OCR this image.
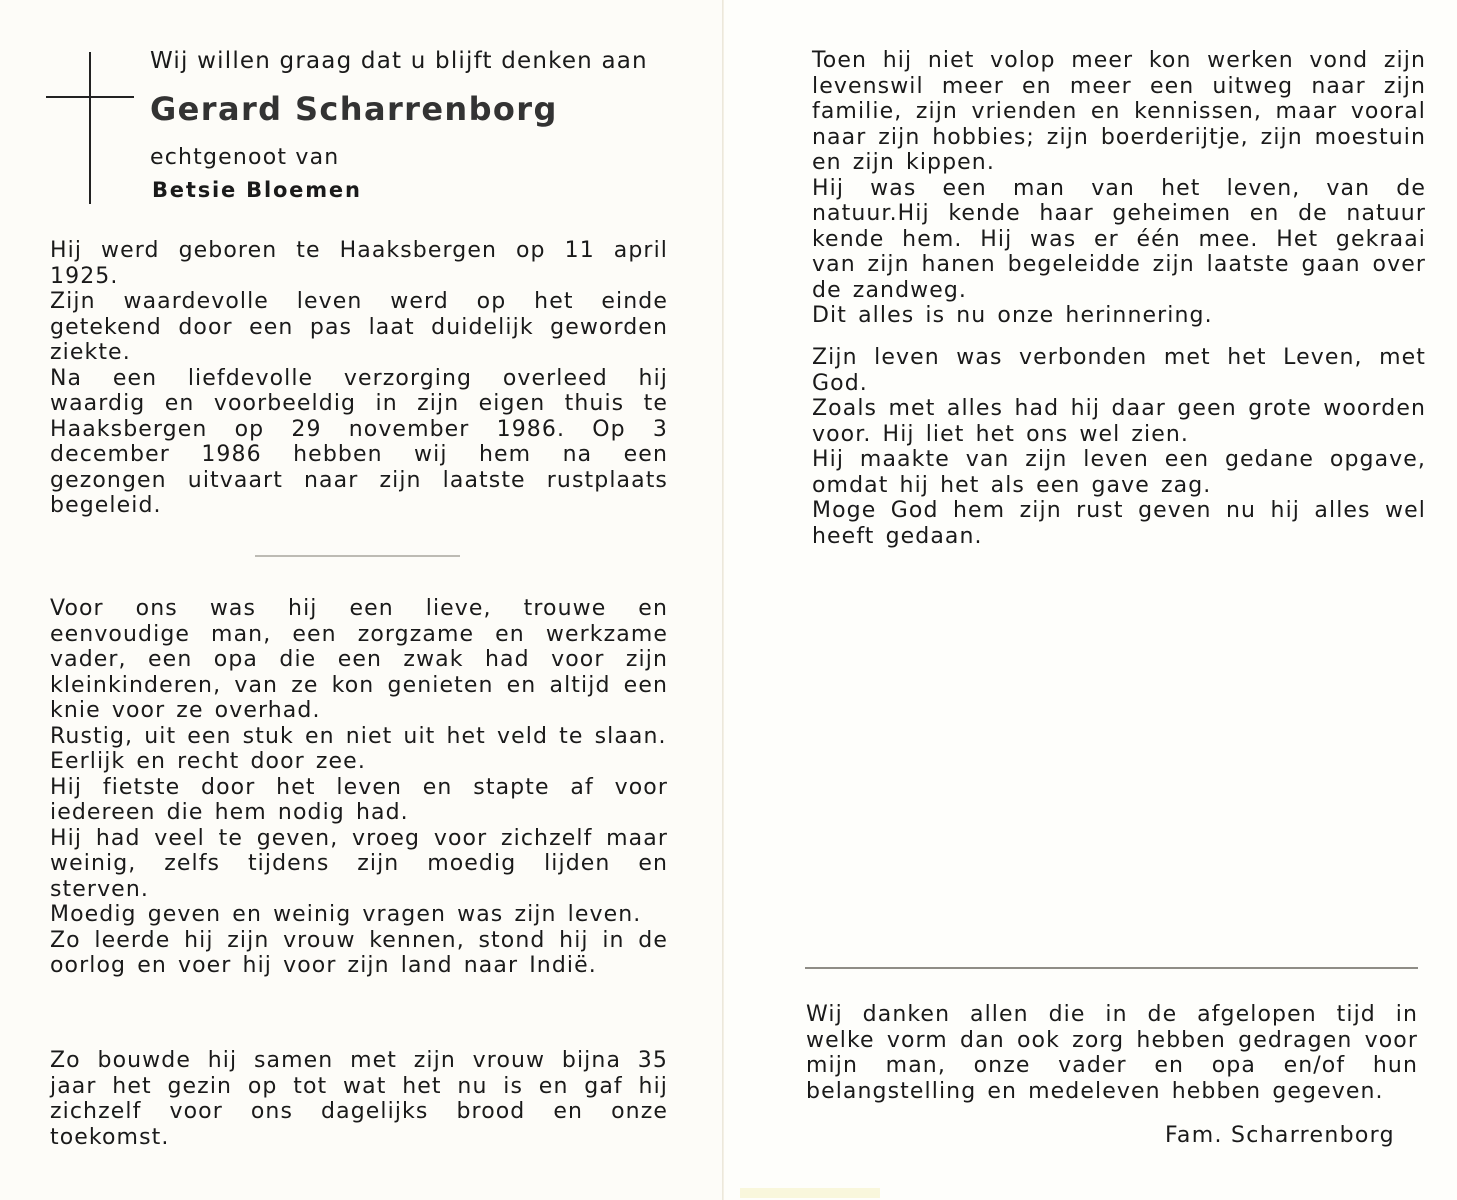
Wij willen graag dat u blijft denken aan
Gerard Scharrenborg
echtgenoot van
Betsie Bloemen

Hij werd geboren te Haaksbergen op 11 april 1925.

Zijn waardevolle leven werd op het einde getekend door een pas laat duidelijk geworden ziekte.

Na een liefdevolle verzorging overleed hij waardig en voorbeeldig in zijn eigen thuis te Haaksbergen op 29 november 1986. Op 3 december 1986 hebben wij hem na een gezongen uitvaart naar zijn laatste rustplaats begeleid.

Voor ons was hij een lieve, trouwe en eenvoudige man, een zorgzame en werkzame vader, een opa die een zwak had voor zijn kleinkinderen, van ze kon genieten en altijd een knie voor ze overhad.

Rustig, uit een stuk en niet uit het veld te slaan.

Eerlijk en recht door zee.

Hij fietste door het leven en stapte af voor iedereen die hem nodig had.

Hij had veel te geven, vroeg voor zichzelf maar weinig, zelfs tijdens zijn moedig lijden en sterven.

Moedig geven en weinig vragen was zijn leven.

Zo leerde hij zijn vrouw kennen, stond hij in de oorlog en voer hij voor zijn land naar Indië.

Zo bouwde hij samen met zijn vrouw bijna 35 jaar het gezin op tot wat het nu is en gaf hij zichzelf voor ons dagelijks brood en onze toekomst.

Toen hij niet volop meer kon werken vond zijn levenswil meer en meer een uitweg naar zijn familie, zijn vrienden en kennissen, maar vooral naar zijn hobbies; zijn boerderijtje, zijn moestuin en zijn kippen.

Hij was een man van het leven, van de natuur.Hij kende haar geheimen en de natuur kende hem. Hij was er één mee. Het gekraai van zijn hanen begeleidde zijn laatste gaan over de zandweg.

Dit alles is nu onze herinnering.

Zijn leven was verbonden met het Leven, met God.

Zoals met alles had hij daar geen grote woorden voor. Hij liet het ons wel zien.

Hij maakte van zijn leven een gedane opgave, omdat hij het als een gave zag.

Moge God hem zijn rust geven nu hij alles wel heeft gedaan.

Wij danken allen die in de afgelopen tijd in welke vorm dan ook zorg hebben gedragen voor mijn man, onze vader en opa en/of hun belangstelling en medeleven hebben gegeven.

Fam. Scharrenborg
